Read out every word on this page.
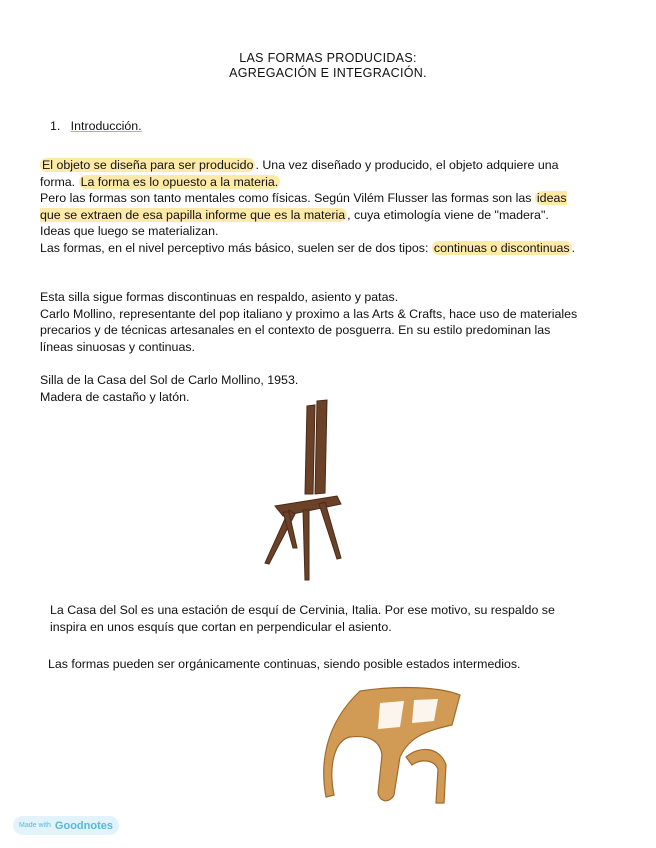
LAS FORMAS PRODUCIDAS:
AGREGACIÓN E INTEGRACIÓN.
1. Introducción.
El objeto se diseña para ser producido . Una vez diseñado y producido, el objeto adquiere una forma. La forma es lo opuesto a la materia.
Pero las formas son tanto mentales como físicas. Según Vilém Flusser las formas son las ideas que se extraen de esa papilla informe que es la materia , cuya etimología viene de "madera". Ideas que luego se materializan.
Las formas, en el nivel perceptivo más básico, suelen ser de dos tipos: continuas o discontinuas .
Esta silla sigue formas discontinuas en respaldo, asiento y patas.
Carlo Mollino, representante del pop italiano y proximo a las Arts & Crafts, hace uso de materiales precarios y de técnicas artesanales en el contexto de posguerra. En su estilo predominan las líneas sinuosas y continuas.
Silla de la Casa del Sol de Carlo Mollino, 1953.
Madera de castaño y latón.
La Casa del Sol es una estación de esquí de Cervinia, Italia. Por ese motivo, su respaldo se inspira en unos esquís que cortan en perpendicular el asiento.
Las formas pueden ser orgánicamente continuas, siendo posible estados intermedios.
Made with Goodnotes
